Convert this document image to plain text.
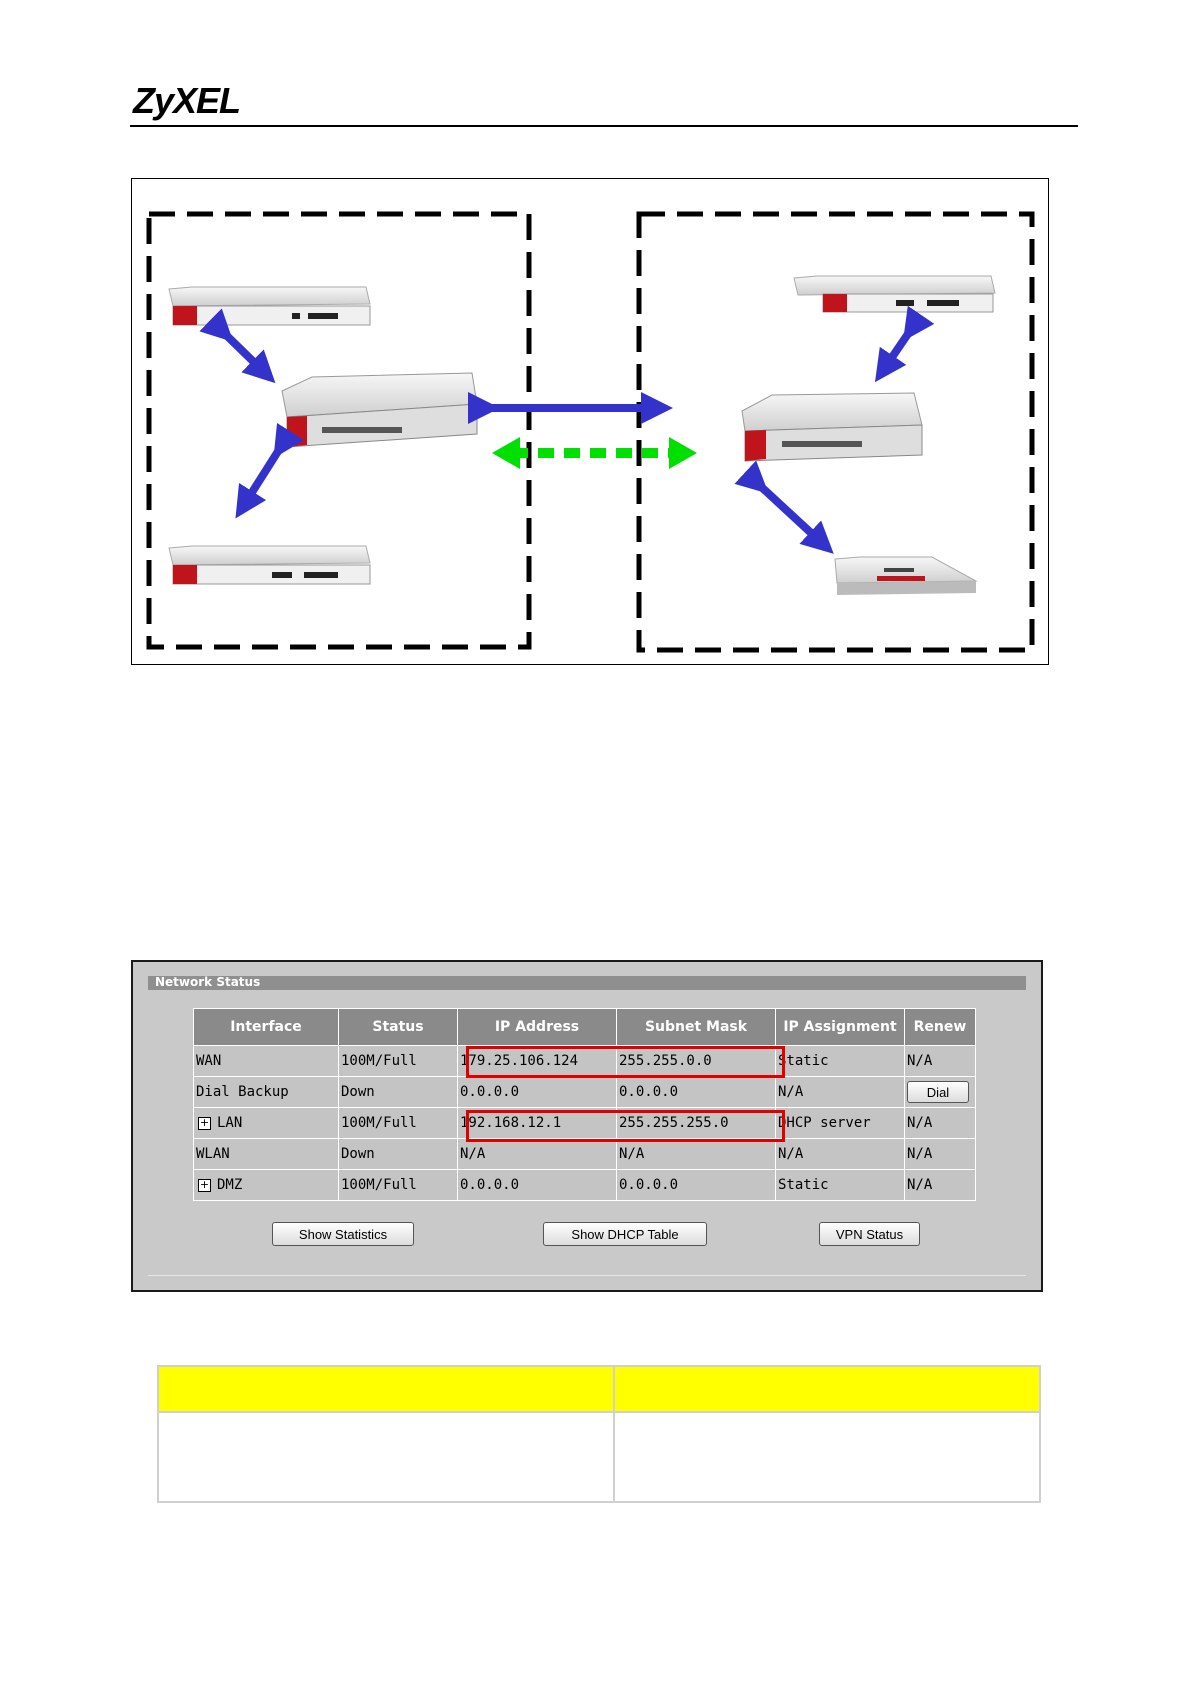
ZyXEL
Network Status
Interface	Status	IP Address	Subnet Mask	IP Assignment	Renew
WAN	100M/Full	179.25.106.124	255.255.0.0	Static	N/A
Dial Backup	Down	0.0.0.0	0.0.0.0	N/A	Dial
+ LAN	100M/Full	192.168.12.1	255.255.255.0	DHCP server	N/A
WLAN	Down	N/A	N/A	N/A	N/A
+ DMZ	100M/Full	0.0.0.0	0.0.0.0	Static	N/A
Show Statistics	Show DHCP Table	VPN Status
